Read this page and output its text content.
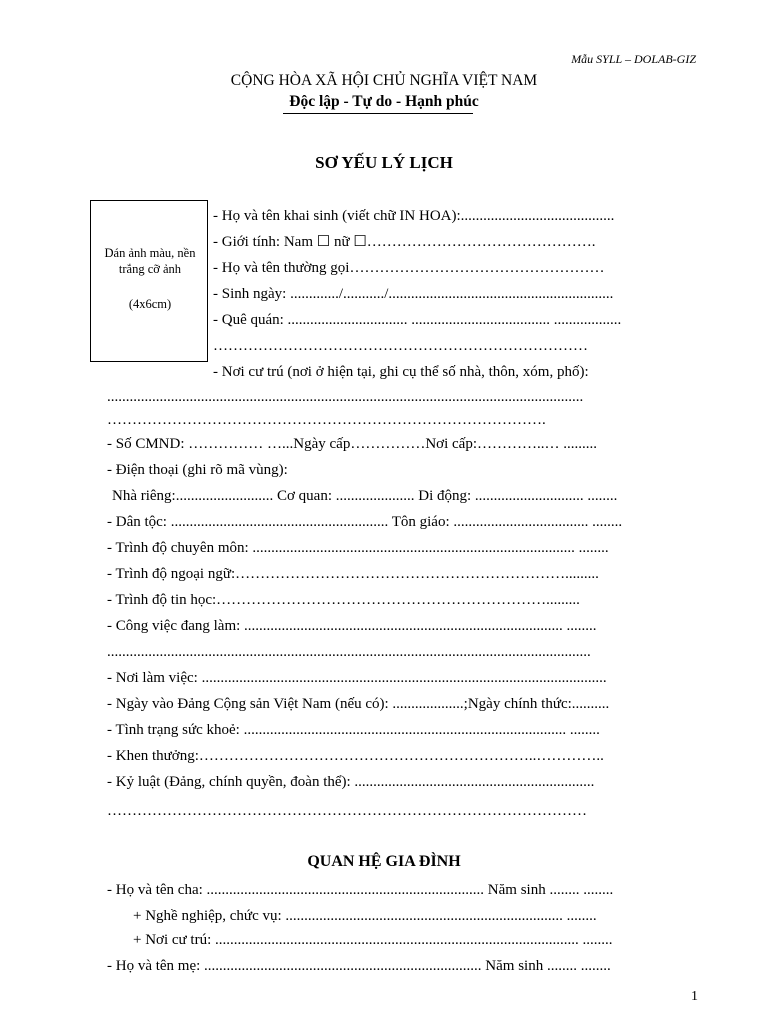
Mẫu SYLL – DOLAB-GIZ
CỘNG HÒA XÃ HỘI CHỦ NGHĨA VIỆT NAM
Độc lập - Tự do - Hạnh phúc
SƠ YẾU LÝ LỊCH
Dán ảnh màu, nền trắng cỡ ảnh
(4x6cm)
- Họ và tên khai sinh (viết chữ IN HOA):.........................................
- Giới tính: Nam ☐ nữ ☐……………………………………….
- Họ và tên thường gọi……………………………………………
- Sinh ngày: ............./.........../............................................................
- Quê quán: ................................ ..................................... ..................
…………………………………………………………………
- Nơi cư trú (nơi ở hiện tại, ghi cụ thể số nhà, thôn, xóm, phố):
...............................................................................................................................
…………………………………………………………………………….
- Số CMND: …………… …...Ngày cấp……………Nơi cấp:…………..… .........
- Điện thoại (ghi rõ mã vùng):
Nhà riêng:.......................... Cơ quan: ..................... Di động: ............................. ........
- Dân tộc: .......................................................... Tôn giáo: .................................... ........
- Trình độ chuyên môn: ...................................................................................... ........
- Trình độ ngoại ngữ:………………………………………………………….........
- Trình độ tin học:………………………………………………………….........
- Công việc đang làm: ..................................................................................... ........
.................................................................................................................................
- Nơi làm việc: ............................................................................................................
- Ngày vào Đảng Cộng sản Việt Nam (nếu có): ...................;Ngày chính thức:..........
- Tình trạng sức khoẻ: ...................................................................................... ........
- Khen thưởng:…………………………………………………………..…………..
- Kỷ luật (Đảng, chính quyền, đoàn thể): ................................................................
……………………………………………………………………………………
QUAN HỆ GIA ĐÌNH
- Họ và tên cha: .......................................................................... Năm sinh ........ ........
+ Nghề nghiệp, chức vụ: .......................................................................... ........
+ Nơi cư trú: ................................................................................................. ........
- Họ và tên mẹ: .......................................................................... Năm sinh ........ ........
1
